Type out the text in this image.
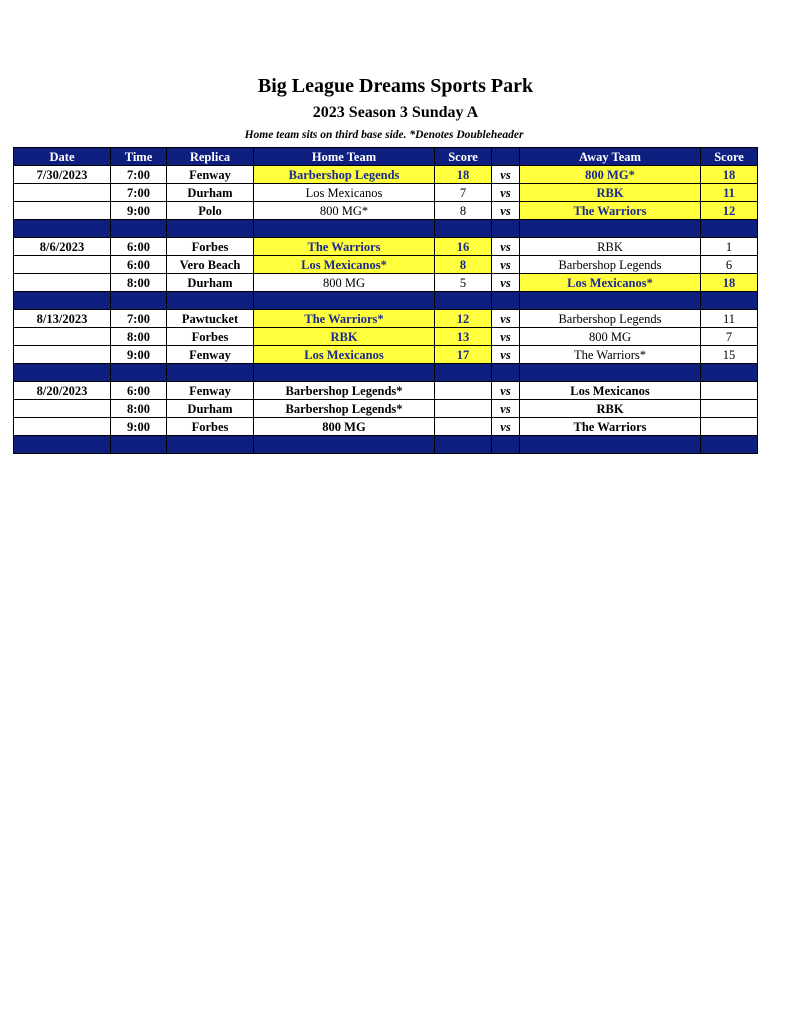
Big League Dreams Sports Park
2023 Season 3 Sunday A
Home team sits on third base side. *Denotes Doubleheader
Date	Time	Replica	Home Team	Score		Away Team	Score
7/30/2023	7:00	Fenway	Barbershop Legends	18	vs	800 MG*	18
	7:00	Durham	Los Mexicanos	7	vs	RBK	11
	9:00	Polo	800 MG*	8	vs	The Warriors	12

8/6/2023	6:00	Forbes	The Warriors	16	vs	RBK	1
	6:00	Vero Beach	Los Mexicanos*	8	vs	Barbershop Legends	6
	8:00	Durham	800 MG	5	vs	Los Mexicanos*	18

8/13/2023	7:00	Pawtucket	The Warriors*	12	vs	Barbershop Legends	11
	8:00	Forbes	RBK	13	vs	800 MG	7
	9:00	Fenway	Los Mexicanos	17	vs	The Warriors*	15

8/20/2023	6:00	Fenway	Barbershop Legends*		vs	Los Mexicanos	
	8:00	Durham	Barbershop Legends*		vs	RBK	
	9:00	Forbes	800 MG		vs	The Warriors	
